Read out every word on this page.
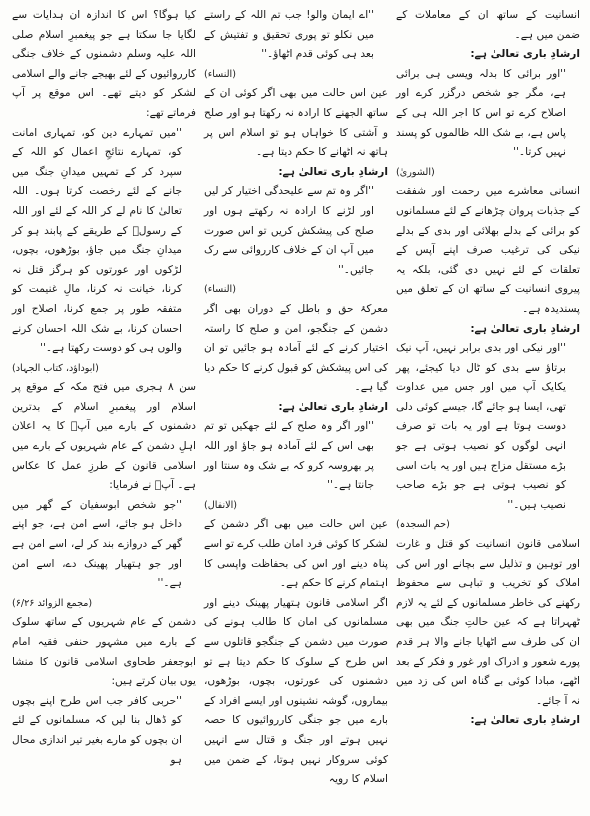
انسانیت کے ساتھ ان کے معاملات کے ضمن میں ہے۔

ارشادِ باری تعالیٰ ہے:

''اور برائی کا بدلہ ویسی ہی برائی ہے، مگر جو شخص درگزر کرے اور اصلاح کرے تو اس کا اجر اللہ ہی کے پاس ہے، بے شک اللہ ظالموں کو پسند نہیں کرتا۔''

(الشوریٰ)

انسانی معاشرے میں رحمت اور شفقت کے جذبات پروان چڑھانے کے لئے مسلمانوں کو برائی کے بدلے بھلائی اور بدی کے بدلے نیکی کی ترغیب صرف اپنے آپس کے تعلقات کے لئے نہیں دی گئی، بلکہ یہ پیروی انسانیت کے ساتھ ان کے تعلق میں پسندیدہ ہے۔

ارشادِ باری تعالیٰ ہے:

''اور نیکی اور بدی برابر نہیں، آپ نیک برتاؤ سے بدی کو ٹال دیا کیجئے، پھر یکایک آپ میں اور جس میں عداوت تھی، ایسا ہو جائے گا، جیسے کوئی دلی دوست ہوتا ہے اور یہ بات تو صرف انہی لوگوں کو نصیب ہوتی ہے جو بڑے مستقل مزاج ہیں اور یہ بات اسی کو نصیب ہوتی ہے جو بڑے صاحب نصیب ہیں۔''

(حم السجدہ)

اسلامی قانون انسانیت کو قتل و غارت اور توہین و تذلیل سے بچانے اور اس کی املاک کو تخریب و تباہی سے محفوظ رکھنے کی خاطر مسلمانوں کے لئے یہ لازم ٹھہراتا ہے کہ عین حالتِ جنگ میں بھی ان کی طرف سے اٹھایا جانے والا ہر قدم پورے شعور و ادراک اور غور و فکر کے بعد اٹھے، مبادا کوئی بے گناہ اس کی زد میں نہ آ جائے۔

ارشادِ باری تعالیٰ ہے:

''اے ایمان والو! جب تم اللہ کے راستے میں نکلو تو پوری تحقیق و تفتیش کے بعد ہی کوئی قدم اٹھاؤ۔''

(النساء)

عین اس حالت میں بھی اگر کوئی ان کے ساتھ الجھنے کا ارادہ نہ رکھتا ہو اور صلح و آشتی کا خواہاں ہو تو اسلام اس پر ہاتھ نہ اٹھانے کا حکم دیتا ہے۔

ارشادِ باری تعالیٰ ہے:

''اگر وہ تم سے علیحدگی اختیار کر لیں اور لڑنے کا ارادہ نہ رکھتے ہوں اور صلح کی پیشکش کریں تو اس صورت میں آپ ان کے خلاف کارروائی سے رک جائیں۔''

(النساء)

معرکۂ حق و باطل کے دوران بھی اگر دشمن کے جنگجو، امن و صلح کا راستہ اختیار کرنے کے لئے آمادہ ہو جائیں تو ان کی اس پیشکش کو قبول کرنے کا حکم دیا گیا ہے۔

ارشادِ باری تعالیٰ ہے:

''اور اگر وہ صلح کے لئے جھکیں تو تم بھی اس کے لئے آمادہ ہو جاؤ اور اللہ پر بھروسہ کرو کہ بے شک وہ سنتا اور جانتا ہے۔''

(الانفال)

عین اس حالت میں بھی اگر دشمن کے لشکر کا کوئی فرد امان طلب کرے تو اسے پناہ دینے اور اس کی بحفاظت واپسی کا اہتمام کرنے کا حکم ہے۔

اگر اسلامی قانون ہتھیار پھینک دینے اور مسلمانوں کی امان کا طالب ہونے کی صورت میں دشمن کے جنگجو قاتلوں سے اس طرح کے سلوک کا حکم دیتا ہے تو دشمنوں کی عورتوں، بچوں، بوڑھوں، بیماروں، گوشہ نشینوں اور ایسے افراد کے بارے میں جو جنگی کارروائیوں کا حصہ نہیں ہوتے اور جنگ و قتال سے انہیں کوئی سروکار نہیں ہوتا، کے ضمن میں اسلام کا رویہ

کیا ہوگا؟ اس کا اندازہ ان ہدایات سے لگایا جا سکتا ہے جو پیغمبرِ اسلام صلی اللہ علیہ وسلم دشمنوں کے خلاف جنگی کارروائیوں کے لئے بھیجے جانے والے اسلامی لشکر کو دیتے تھے۔ اس موقع پر آپ فرماتے تھے:

''میں تمہارے دین کو، تمہاری امانت کو، تمہارے نتائجِ اعمال کو اللہ کے سپرد کر کے تمہیں میدانِ جنگ میں جانے کے لئے رخصت کرتا ہوں۔ اللہ تعالیٰ کا نام لے کر اللہ کے لئے اور اللہ کے رسولؐ کے طریقے کے پابند ہو کر میدانِ جنگ میں جاؤ، بوڑھوں، بچوں، لڑکوں اور عورتوں کو ہرگز قتل نہ کرنا، خیانت نہ کرنا، مالِ غنیمت کو متفقہ طور پر جمع کرنا، اصلاح اور احسان کرنا، بے شک اللہ احسان کرنے والوں ہی کو دوست رکھتا ہے۔''

(ابوداؤد، کتاب الجہاد)

سن ۸ ہجری میں فتح مکہ کے موقع پر اسلام اور پیغمبرِ اسلام کے بدترین دشمنوں کے بارے میں آپؐ کا یہ اعلان اہلِ دشمن کے عام شہریوں کے بارے میں اسلامی قانون کے طرزِ عمل کا عکاس ہے۔ آپؐ نے فرمایا:

''جو شخص ابوسفیان کے گھر میں داخل ہو جائے، اسے امن ہے، جو اپنے گھر کے دروازے بند کر لے، اسے امن ہے اور جو ہتھیار پھینک دے، اسے امن ہے۔''

(مجمع الزوائد ۶/۲۶)

دشمن کے عام شہریوں کے ساتھ سلوک کے بارے میں مشہور حنفی فقیہ امام ابوجعفر طحاوی اسلامی قانون کا منشا یوں بیان کرتے ہیں:

''حربی کافر جب اس طرح اپنے بچوں کو ڈھال بنا لیں کہ مسلمانوں کے لئے ان بچوں کو مارے بغیر تیر اندازی محال ہو
